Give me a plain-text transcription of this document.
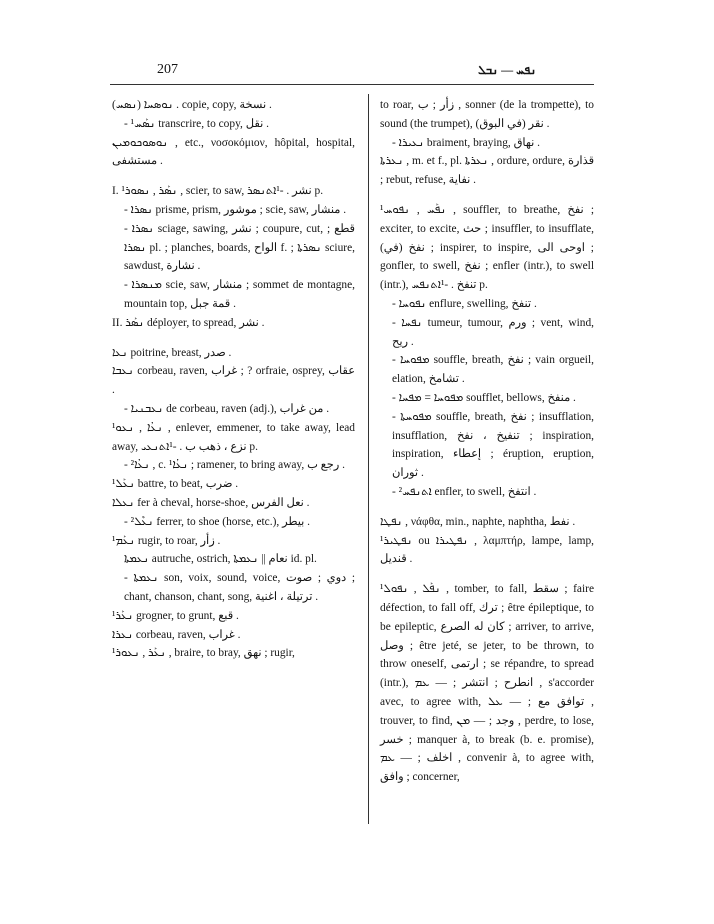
207	ܢܦܚ — ܢܒܠ

(ܢܣܚ) ܢܘܣܚܐ . copie, copy, نسخة .

- ¹ܢܣܰܚ transcrire, to copy, نقل .

ܢܘܣܘܟܘܡܝܢ , etc., νοσοκόμιον, hôpital, hospital, مستشفى .

I. ¹ܢܣܰܪ , ܢܣܘܪ , scier, to saw, نشر . -¹ܐܬܢܣܪ p.

- ܢܣܪܐ prisme, prism, موشور ; scie, saw, منشار .

- ܢܣܪܐ sciage, sawing, نشر ; coupure, cut, قطع ; ܢܣܪܐ pl. ; planches, boards, الواح f. ; ܢܣܪܬܐ sciure, sawdust, نشارة .

- ܡܢܣܪܐ scie, saw, منشار ; sommet de montagne, mountain top, قمة جبل .

II. ܢܣܰܪ déployer, to spread, نشر .

ܢܥܐ poitrine, breast, صدر .

ܢܥܒܐ corbeau, raven, غراب ; ? orfraie, osprey, عقاب .

- ܢܥܒܢܝܐ de corbeau, raven (adj.), من غراب .

¹ܢܥܳܐ , ܢܥܘ , enlever, emmener, to take away, lead away, نزع ، ذهب ب . -¹ܐܬܢܥܝ p.

- ²ܢܥܳܐ , c. ¹ܢܥܳܐ ; ramener, to bring away, رجع ب .

¹ܢܥܰܠ battre, to beat, ضرب .

ܢܥܠܐ fer à cheval, horse-shoe, نعل الفرس .

- ²ܢܥܶܠ ferrer, to shoe (horse, etc.), بيطر .

¹ܢܥܰܡ rugir, to roar, زأر .

ܢܥܡܬܐ autruche, ostrich, نعام || ܢܥܡܬܐ id. pl.

- ܢܥܡܬܐ son, voix, sound, voice, دوي ; صوت ; chant, chanson, chant, song, ترتيلة ، اغنية .

¹ܢܥܰܪ grogner, to grunt, قبع .

ܢܥܪܐ corbeau, raven, غراب .

¹ܢܥܰܪ , ܢܥܘܪ , braire, to bray, نهق ; rugir,

to roar, زأر ; ب , sonner (de la trompette), to sound (the trumpet), نقر (في البوق) .

- ܢܥܝܪܐ braiment, braying, نهاق .

ܢܥܪܬܐ , m. et f., pl. ܢܥܪܬܐ , ordure, ordure, قذارة ; rebut, refuse, نفاية .

¹ܢܦܰܚ , ܢܦܘܚ , souffler, to breathe, نفخ ; exciter, to excite, حث ; insuffler, to insufflate, نفخ (في) ; inspirer, to inspire, اوحى الى ; gonfler, to swell, نفخ ; enfler (intr.), to swell (intr.), تنفخ . -¹ܐܬܢܦܚ p.

- ܢܦܘܚܐ enflure, swelling, تنفخ .

- ܢܦܚܐ tumeur, tumour, ورم ; vent, wind, ريح .

- ܡܦܘܚܐ souffle, breath, نفخ ; vain orgueil, elation, تشامخ .

- ܡܦܘܚܐ = ܡܦܚܐ soufflet, bellows, منفخ .

- ܡܦܘܚܬܐ souffle, breath, نفخ ; insufflation, insufflation, تنفيخ ، نفخ ; inspiration, inspiration, إعطاء ; éruption, eruption, ثوران .

- ²ܐܬܢܦܚ enfler, to swell, انتفخ .

ܢܦܛܐ , νάφθα, min., naphte, naphtha, نفط .

¹ܢܦܛܝܪ ou ܢܦܛܝܪܐ , λαμπτήρ, lampe, lamp, قنديل .

¹ܢܦܰܠ , ܢܦܘܠ , tomber, to fall, سقط ; faire défection, to fall off, ترك ; être épileptique, to be epileptic, كان له الصرع ; arriver, to arrive, وصل ; être jeté, se jeter, to be thrown, to throw oneself, ارتمى ; se répandre, to spread (intr.), انطرح ; انتشر ; — ܥܡ , s'accorder avec, to agree with, توافق مع ; — ܥܠ , trouver, to find, وجد ; — ܡܢ , perdre, to lose, خسر ; manquer à, to break (b. e. promise), اخلف ; — ܥܡ , convenir à, to agree with, وافق ; concerner,
